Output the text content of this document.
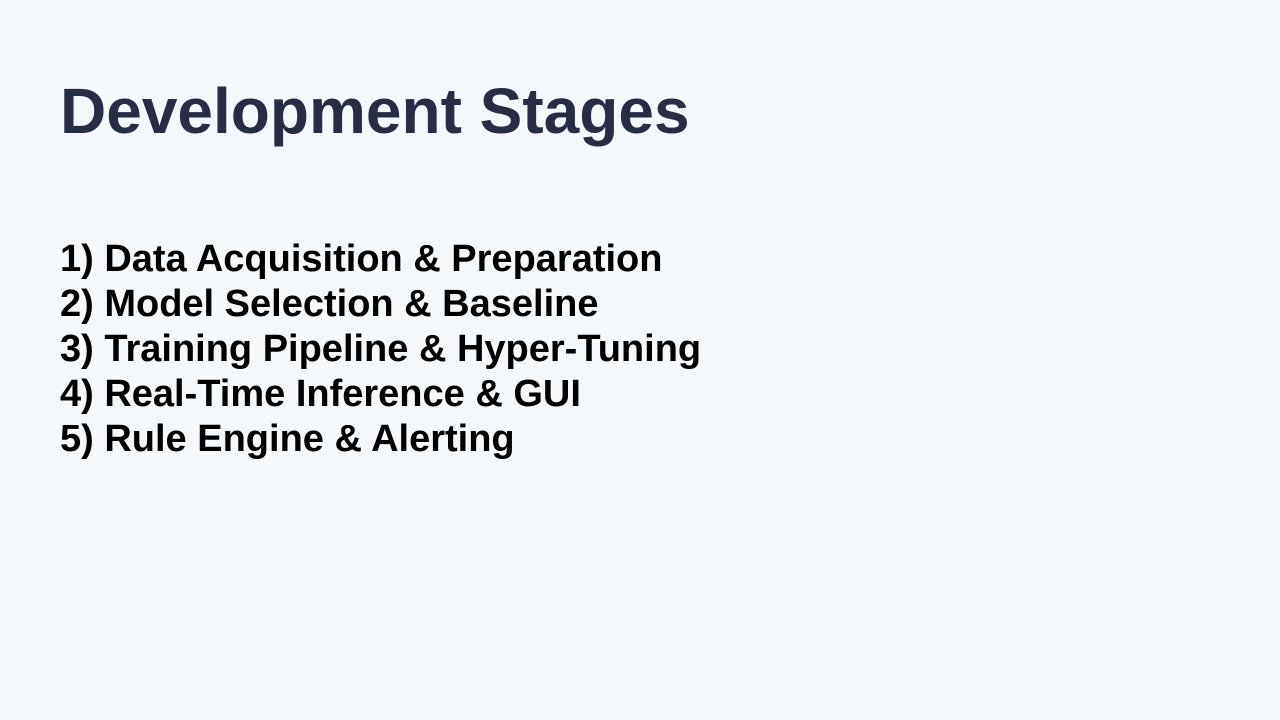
Development Stages
1) Data Acquisition & Preparation
2) Model Selection & Baseline
3) Training Pipeline & Hyper-Tuning
4) Real-Time Inference & GUI
5) Rule Engine & Alerting
